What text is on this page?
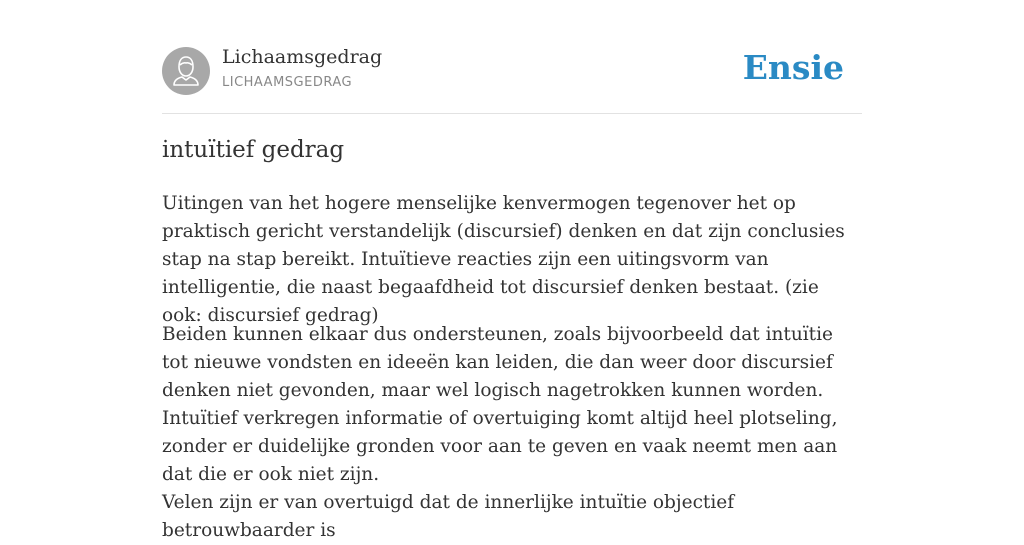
Lichaamsgedrag
LICHAAMSGEDRAG	Ensie
intuïtief gedrag

Uitingen van het hogere menselijke kenvermogen tegenover het op praktisch gericht verstandelijk (discursief) denken en dat zijn conclusies stap na stap bereikt. Intuïtieve reacties zijn een uitingsvorm van intelligentie, die naast begaafdheid tot discursief denken bestaat. (zie ook: discursief gedrag)

Beiden kunnen elkaar dus ondersteunen, zoals bijvoorbeeld dat intuïtie tot nieuwe vondsten en ideeën kan leiden, die dan weer door discursief denken niet gevonden, maar wel logisch nagetrokken kunnen worden. Intuïtief verkregen informatie of overtuiging komt altijd heel plotseling, zonder er duidelijke gronden voor aan te geven en vaak neemt men aan dat die er ook niet zijn.

Velen zijn er van overtuigd dat de innerlijke intuïtie objectief betrouwbaarder is
